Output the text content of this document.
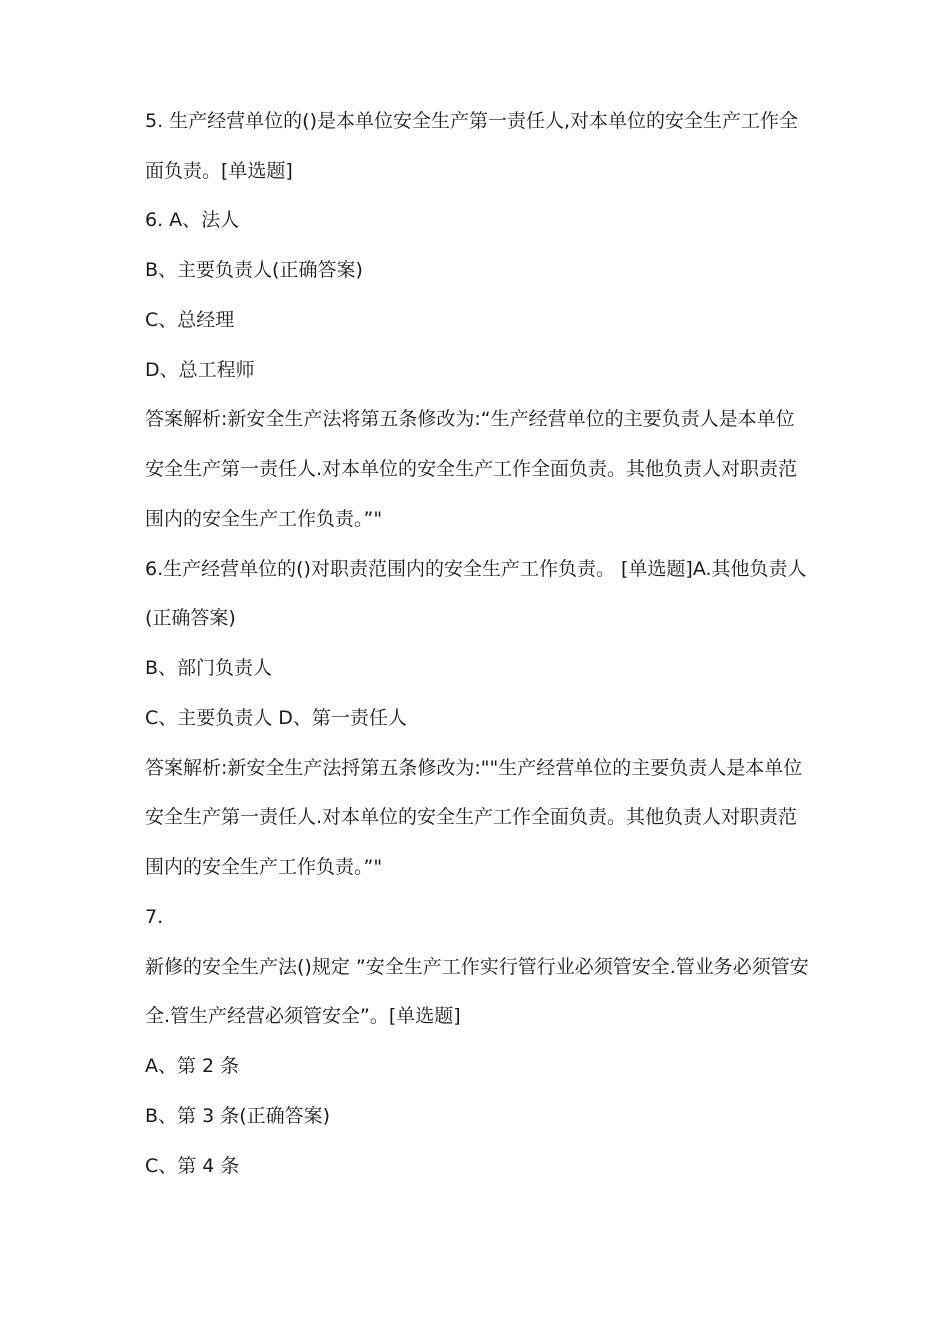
5. 生产经营单位的()是本单位安全生产第一责任人,对本单位的安全生产工作全
面负责。[单选题]
6. A、法人
B、主要负责人(正确答案)
C、总经理
D、总工程师
答案解析:新安全生产法将第五条修改为:“生产经营单位的主要负责人是本单位
安全生产第一责任人.对本单位的安全生产工作全面负责。其他负责人对职责范
围内的安全生产工作负责。”"
6.生产经营单位的()对职责范围内的安全生产工作负责。 [单选题]A.其他负责人
(正确答案)
B、部门负责人
C、主要负责人 D、第一责任人
答案解析:新安全生产法捋第五条修改为:""生产经营单位的主要负责人是本单位
安全生产第一责任人.对本单位的安全生产工作全面负责。其他负责人对职责范
围内的安全生产工作负责。”"
7.
新修的安全生产法()规定 ”安全生产工作实行管行业必须管安全.管业务必须管安
全.管生产经营必须管安全”。[单选题]
A、第 2 条
B、第 3 条(正确答案)
C、第 4 条
